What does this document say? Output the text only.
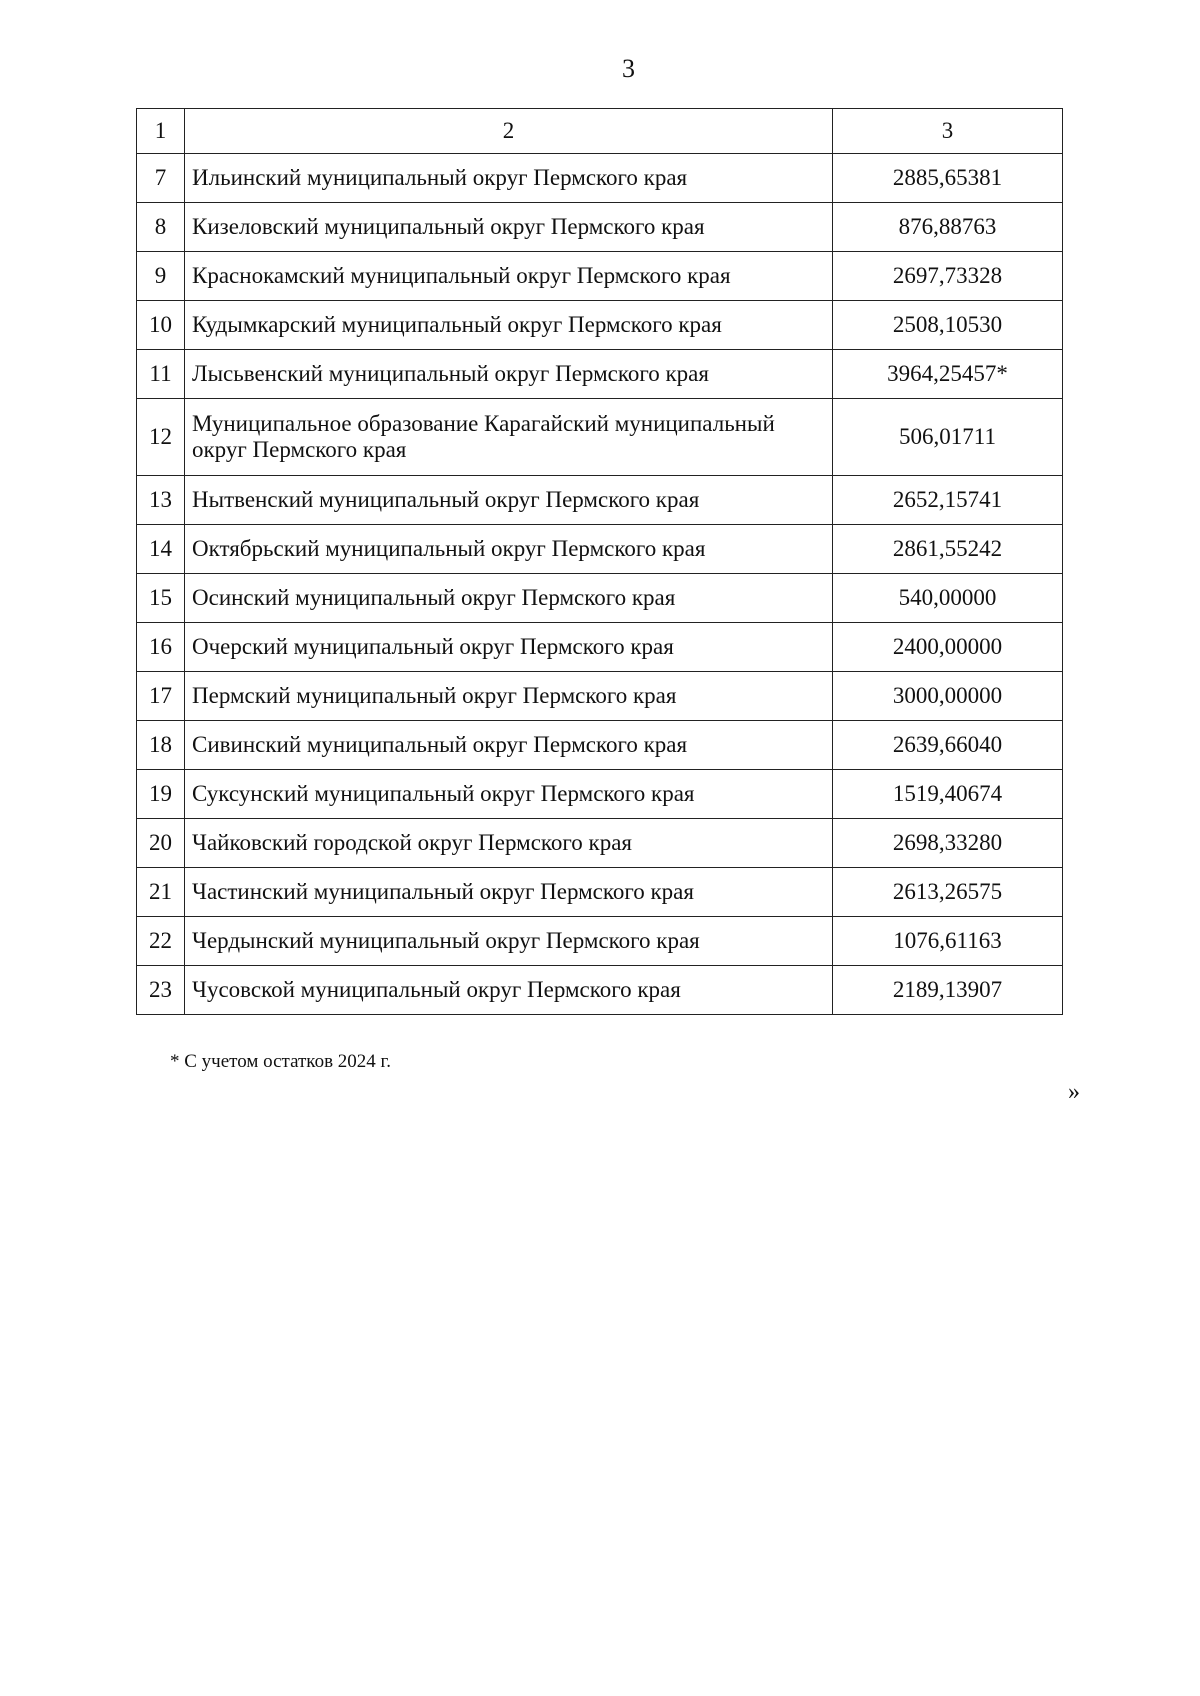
3
1	2	3
7	Ильинский муниципальный округ Пермского края	2885,65381
8	Кизеловский муниципальный округ Пермского края	876,88763
9	Краснокамский муниципальный округ Пермского края	2697,73328
10	Кудымкарский муниципальный округ Пермского края	2508,10530
11	Лысьвенский муниципальный округ Пермского края	3964,25457*
12	Муниципальное образование Карагайский муниципальный округ Пермского края	506,01711
13	Нытвенский муниципальный округ Пермского края	2652,15741
14	Октябрьский муниципальный округ Пермского края	2861,55242
15	Осинский муниципальный округ Пермского края	540,00000
16	Очерский муниципальный округ Пермского края	2400,00000
17	Пермский муниципальный округ Пермского края	3000,00000
18	Сивинский муниципальный округ Пермского края	2639,66040
19	Суксунский муниципальный округ Пермского края	1519,40674
20	Чайковский городской округ Пермского края	2698,33280
21	Частинский муниципальный округ Пермского края	2613,26575
22	Чердынский муниципальный округ Пермского края	1076,61163
23	Чусовской муниципальный округ Пермского края	2189,13907
* С учетом остатков 2024 г.
»
